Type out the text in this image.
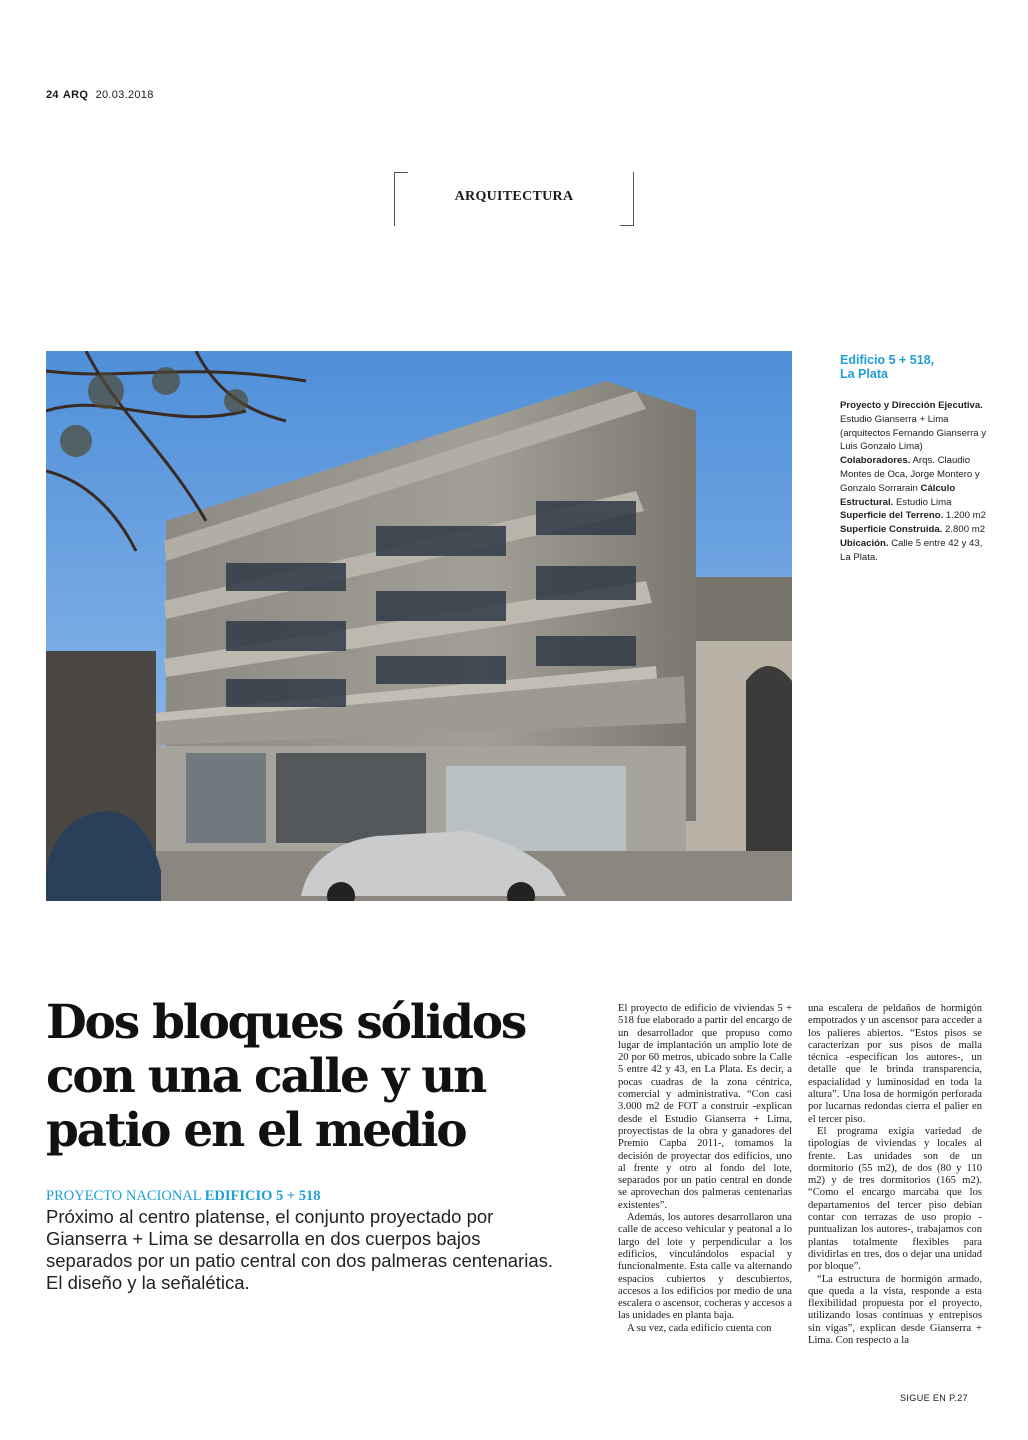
24 ARQ 20.03.2018
ARQUITECTURA
Edificio 5 + 518,
La Plata

Proyecto y Dirección Ejecutiva. Estudio Gianserra + Lima (arquitectos Fernando Gianserra y Luis Gonzalo Lima) Colaboradores. Arqs. Claudio Montes de Oca, Jorge Montero y Gonzalo Sorrarain Cálculo Estructural. Estudio Lima Superficie del Terreno. 1.200 m2 Superficie Construida. 2.800 m2 Ubicación. Calle 5 entre 42 y 43, La Plata.

Dos bloques sólidos con una calle y un patio en el medio
PROYECTO NACIONAL EDIFICIO 5 + 518

Próximo al centro platense, el conjunto proyectado por Gianserra + Lima se desarrolla en dos cuerpos bajos separados por un patio central con dos palmeras centenarias. El diseño y la señalética.

El proyecto de edificio de viviendas 5 + 518 fue elaborado a partir del encargo de un desarrollador que propuso como lugar de implantación un amplio lote de 20 por 60 metros, ubicado sobre la Calle 5 entre 42 y 43, en La Plata. Es decir, a pocas cuadras de la zona céntrica, comercial y administrativa. “Con casi 3.000 m2 de FOT a construir -explican desde el Estudio Gianserra + Lima, proyectistas de la obra y ganadores del Premio Capba 2011-, tomamos la decisión de proyectar dos edificios, uno al frente y otro al fondo del lote, separados por un patio central en donde se aprovechan dos palmeras centenarias existentes”.

Además, los autores desarrollaron una calle de acceso vehicular y peatonal a lo largo del lote y perpendicular a los edificios, vinculándolos espacial y funcionalmente. Esta calle va alternando espacios cubiertos y descubiertos, accesos a los edificios por medio de una escalera o ascensor, cocheras y accesos a las unidades en planta baja.

A su vez, cada edificio cuenta con

una escalera de peldaños de hormigón empotrados y un ascensor para acceder a los palieres abiertos. “Estos pisos se caracterizan por sus pisos de malla técnica -especifican los autores-, un detalle que le brinda transparencia, espacialidad y luminosidad en toda la altura”. Una losa de hormigón perforada por lucarnas redondas cierra el palier en el tercer piso.

El programa exigía variedad de tipologías de viviendas y locales al frente. Las unidades son de un dormitorio (55 m2), de dos (80 y 110 m2) y de tres dormitorios (165 m2). “Como el encargo marcaba que los departamentos del tercer piso debían contar con terrazas de uso propio -puntualizan los autores-, trabajamos con plantas totalmente flexibles para dividirlas en tres, dos o dejar una unidad por bloque”.

“La estructura de hormigón armado, que queda a la vista, responde a esta flexibilidad propuesta por el proyecto, utilizando losas continuas y entrepisos sin vigas”, explican desde Gianserra + Lima. Con respecto a la

SIGUE EN P.27
